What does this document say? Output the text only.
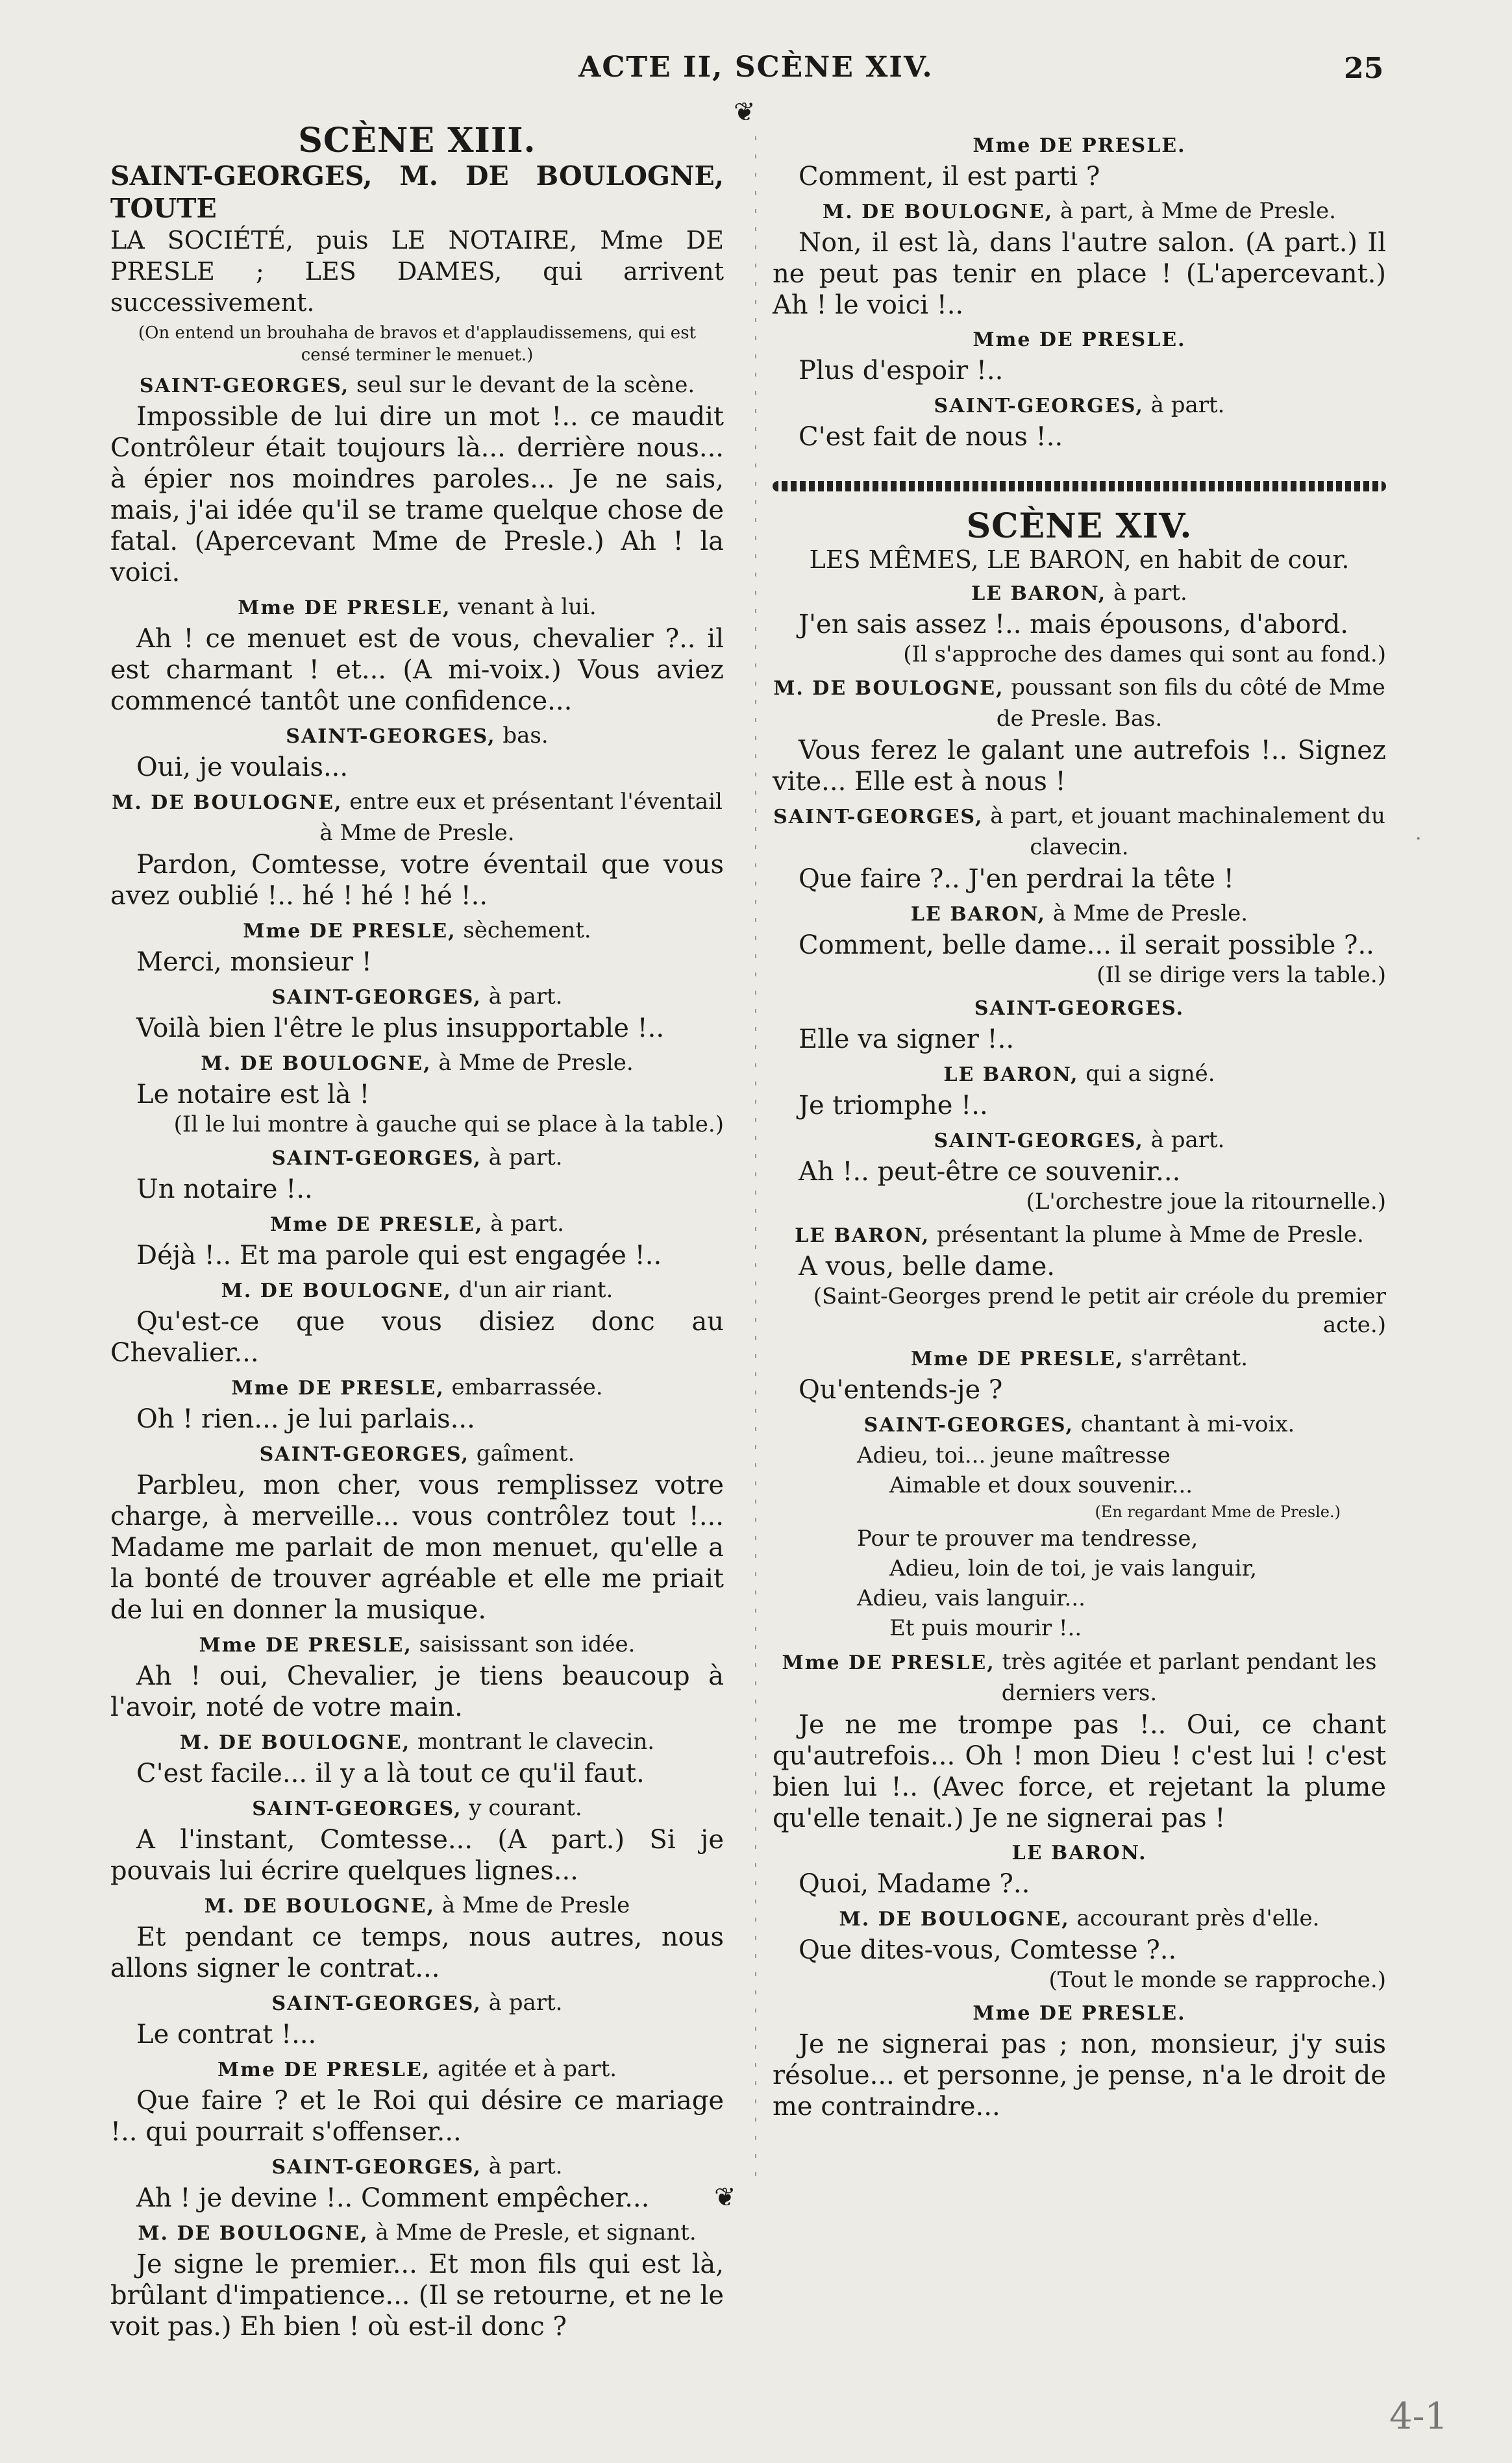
ACTE II, SCÈNE XIV.	25
❦
SCÈNE XIII.
SAINT-GEORGES, M. DE BOULOGNE, TOUTE
LA SOCIÉTÉ, puis LE NOTAIRE, Mme DE PRESLE ; LES DAMES, qui arrivent successivement.
(On entend un brouhaha de bravos et d'applaudissemens, qui est censé terminer le menuet.)
SAINT-GEORGES, seul sur le devant de la scène.
Impossible de lui dire un mot !.. ce maudit Contrôleur était toujours là... derrière nous... à épier nos moindres paroles... Je ne sais, mais, j'ai idée qu'il se trame quelque chose de fatal. (Apercevant Mme de Presle.) Ah ! la voici.
Mme DE PRESLE, venant à lui.
Ah ! ce menuet est de vous, chevalier ?.. il est charmant ! et... (A mi-voix.) Vous aviez commencé tantôt une confidence...
SAINT-GEORGES, bas.
Oui, je voulais...
M. DE BOULOGNE, entre eux et présentant l'éventail à Mme de Presle.
Pardon, Comtesse, votre éventail que vous avez oublié !.. hé ! hé ! hé !..
Mme DE PRESLE, sèchement.
Merci, monsieur !
SAINT-GEORGES, à part.
Voilà bien l'être le plus insupportable !..
M. DE BOULOGNE, à Mme de Presle.
Le notaire est là !
(Il le lui montre à gauche qui se place à la table.)
SAINT-GEORGES, à part.
Un notaire !..
Mme DE PRESLE, à part.
Déjà !.. Et ma parole qui est engagée !..
M. DE BOULOGNE, d'un air riant.
Qu'est-ce que vous disiez donc au Chevalier...
Mme DE PRESLE, embarrassée.
Oh ! rien... je lui parlais...
SAINT-GEORGES, gaîment.
Parbleu, mon cher, vous remplissez votre charge, à merveille... vous contrôlez tout !... Madame me parlait de mon menuet, qu'elle a la bonté de trouver agréable et elle me priait de lui en donner la musique.
Mme DE PRESLE, saisissant son idée.
Ah ! oui, Chevalier, je tiens beaucoup à l'avoir, noté de votre main.
M. DE BOULOGNE, montrant le clavecin.
C'est facile... il y a là tout ce qu'il faut.
SAINT-GEORGES, y courant.
A l'instant, Comtesse... (A part.) Si je pouvais lui écrire quelques lignes...
M. DE BOULOGNE, à Mme de Presle
Et pendant ce temps, nous autres, nous allons signer le contrat...
SAINT-GEORGES, à part.
Le contrat !...
Mme DE PRESLE, agitée et à part.
Que faire ? et le Roi qui désire ce mariage !.. qui pourrait s'offenser...
SAINT-GEORGES, à part.
Ah ! je devine !.. Comment empêcher...
M. DE BOULOGNE, à Mme de Presle, et signant.
Je signe le premier... Et mon fils qui est là, brûlant d'impatience... (Il se retourne, et ne le voit pas.) Eh bien ! où est-il donc ?
Mme DE PRESLE.
Comment, il est parti ?
M. DE BOULOGNE, à part, à Mme de Presle.
Non, il est là, dans l'autre salon. (A part.) Il ne peut pas tenir en place ! (L'apercevant.) Ah ! le voici !..
Mme DE PRESLE.
Plus d'espoir !..
SAINT-GEORGES, à part.
C'est fait de nous !..
SCÈNE XIV.
LES MÊMES, LE BARON, en habit de cour.
LE BARON, à part.
J'en sais assez !.. mais épousons, d'abord.
(Il s'approche des dames qui sont au fond.)
M. DE BOULOGNE, poussant son fils du côté de Mme de Presle. Bas.
Vous ferez le galant une autrefois !.. Signez vite... Elle est à nous !
SAINT-GEORGES, à part, et jouant machinalement du clavecin.
Que faire ?.. J'en perdrai la tête !
LE BARON, à Mme de Presle.
Comment, belle dame... il serait possible ?..
(Il se dirige vers la table.)
SAINT-GEORGES.
Elle va signer !..
LE BARON, qui a signé.
Je triomphe !..
SAINT-GEORGES, à part.
Ah !.. peut-être ce souvenir...
(L'orchestre joue la ritournelle.)
LE BARON, présentant la plume à Mme de Presle.
A vous, belle dame.
(Saint-Georges prend le petit air créole du premier acte.)
Mme DE PRESLE, s'arrêtant.
Qu'entends-je ?
SAINT-GEORGES, chantant à mi-voix.
Adieu, toi... jeune maîtresse
Aimable et doux souvenir...
(En regardant Mme de Presle.)
Pour te prouver ma tendresse,
Adieu, loin de toi, je vais languir,
Adieu, vais languir...
Et puis mourir !..
Mme DE PRESLE, très agitée et parlant pendant les derniers vers.
Je ne me trompe pas !.. Oui, ce chant qu'autrefois... Oh ! mon Dieu ! c'est lui ! c'est bien lui !.. (Avec force, et rejetant la plume qu'elle tenait.) Je ne signerai pas !
LE BARON.
Quoi, Madame ?..
M. DE BOULOGNE, accourant près d'elle.
Que dites-vous, Comtesse ?..
(Tout le monde se rapproche.)
Mme DE PRESLE.
Je ne signerai pas ; non, monsieur, j'y suis résolue... et personne, je pense, n'a le droit de me contraindre...
❦
·
4-1
